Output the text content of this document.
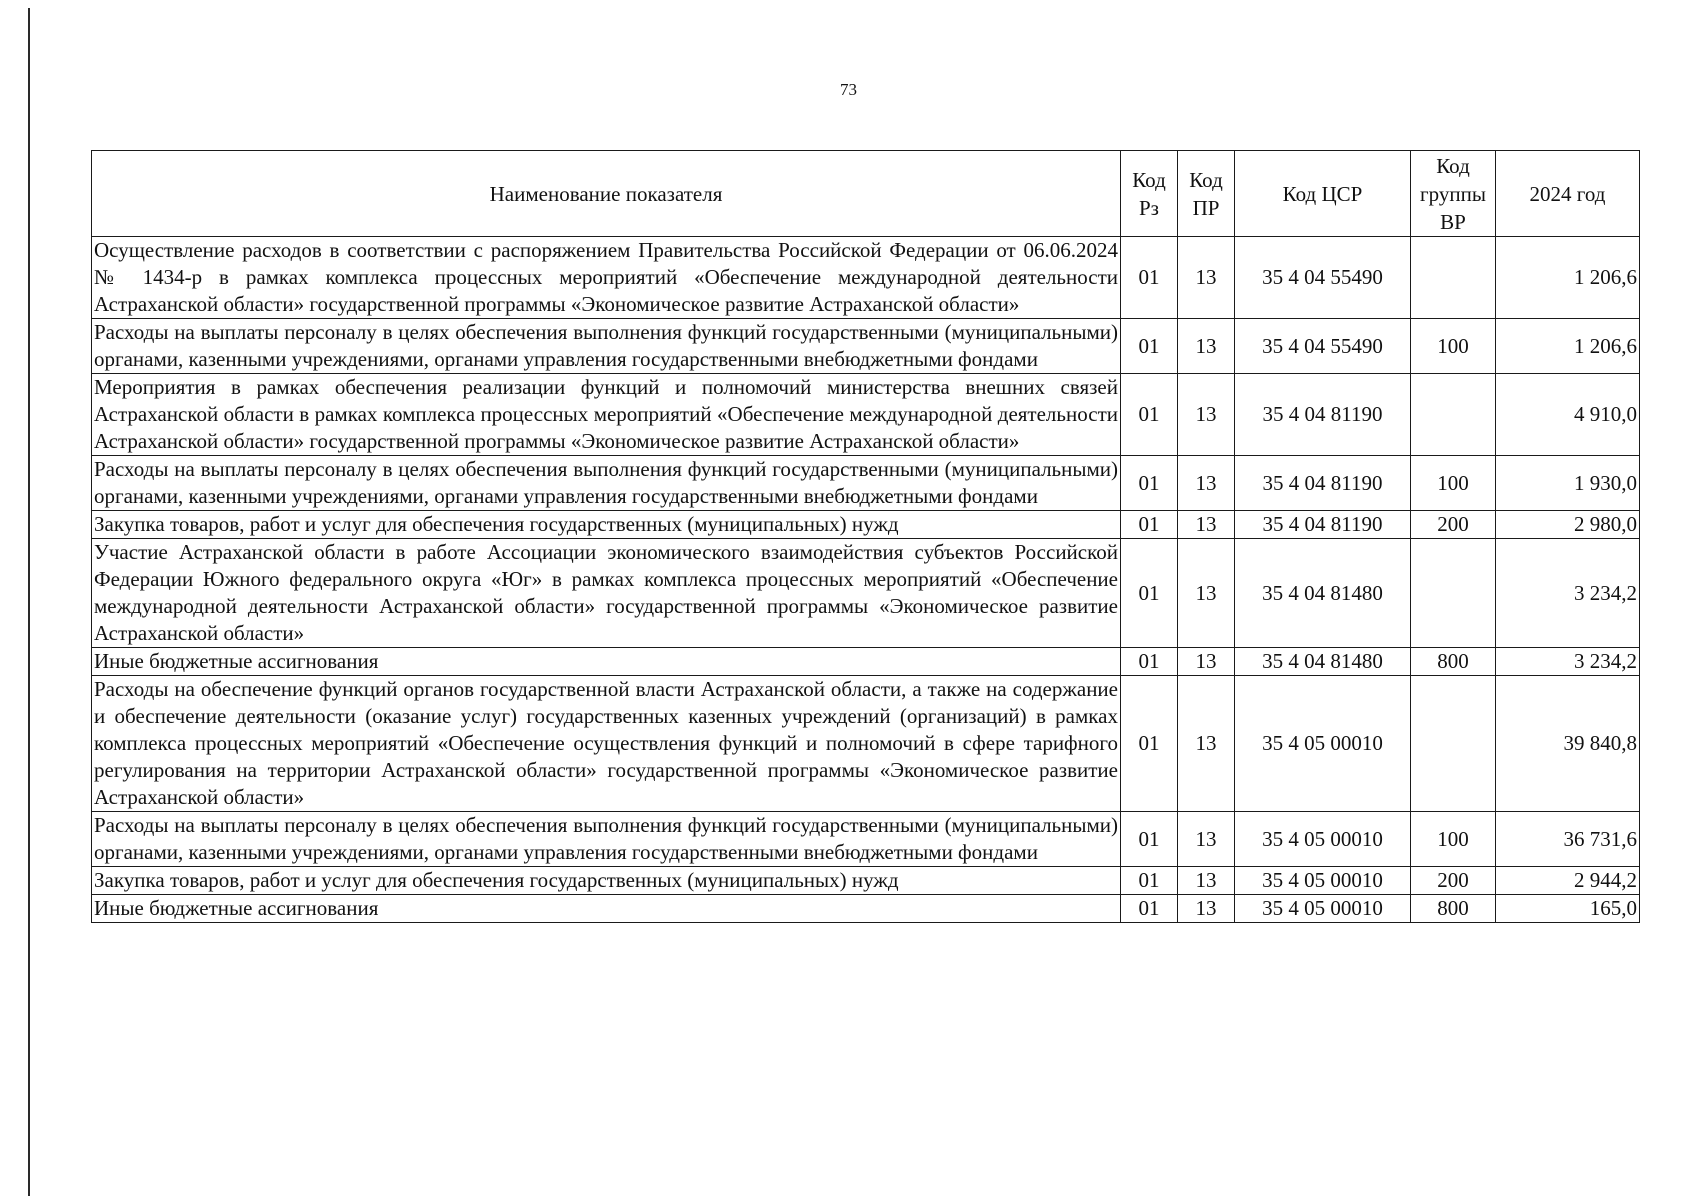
73
Наименование показателя	Код Рз	Код ПР	Код ЦСР	Код группы ВР	2024 год
Осуществление расходов в соответствии с распоряжением Правительства Российской Федерации от 06.06.2024 № 1434-р в рамках комплекса процессных мероприятий «Обеспечение международной деятельности Астраханской области» государственной программы «Экономическое развитие Астраханской области»	01	13	35 4 04 55490		1 206,6
Расходы на выплаты персоналу в целях обеспечения выполнения функций государственными (муниципальными) органами, казенными учреждениями, органами управления государственными внебюджетными фондами	01	13	35 4 04 55490	100	1 206,6
Мероприятия в рамках обеспечения реализации функций и полномочий министерства внешних связей Астраханской области в рамках комплекса процессных мероприятий «Обеспечение международной деятельности Астраханской области» государственной программы «Экономическое развитие Астраханской области»	01	13	35 4 04 81190		4 910,0
Расходы на выплаты персоналу в целях обеспечения выполнения функций государственными (муниципальными) органами, казенными учреждениями, органами управления государственными внебюджетными фондами	01	13	35 4 04 81190	100	1 930,0
Закупка товаров, работ и услуг для обеспечения государственных (муниципальных) нужд	01	13	35 4 04 81190	200	2 980,0
Участие Астраханской области в работе Ассоциации экономического взаимодействия субъектов Российской Федерации Южного федерального округа «Юг» в рамках комплекса процессных мероприятий «Обеспечение международной деятельности Астраханской области» государственной программы «Экономическое развитие Астраханской области»	01	13	35 4 04 81480		3 234,2
Иные бюджетные ассигнования	01	13	35 4 04 81480	800	3 234,2
Расходы на обеспечение функций органов государственной власти Астраханской области, а также на содержание и обеспечение деятельности (оказание услуг) государственных казенных учреждений (организаций) в рамках комплекса процессных мероприятий «Обеспечение осуществления функций и полномочий в сфере тарифного регулирования на территории Астраханской области» государственной программы «Экономическое развитие Астраханской области»	01	13	35 4 05 00010		39 840,8
Расходы на выплаты персоналу в целях обеспечения выполнения функций государственными (муниципальными) органами, казенными учреждениями, органами управления государственными внебюджетными фондами	01	13	35 4 05 00010	100	36 731,6
Закупка товаров, работ и услуг для обеспечения государственных (муниципальных) нужд	01	13	35 4 05 00010	200	2 944,2
Иные бюджетные ассигнования	01	13	35 4 05 00010	800	165,0
